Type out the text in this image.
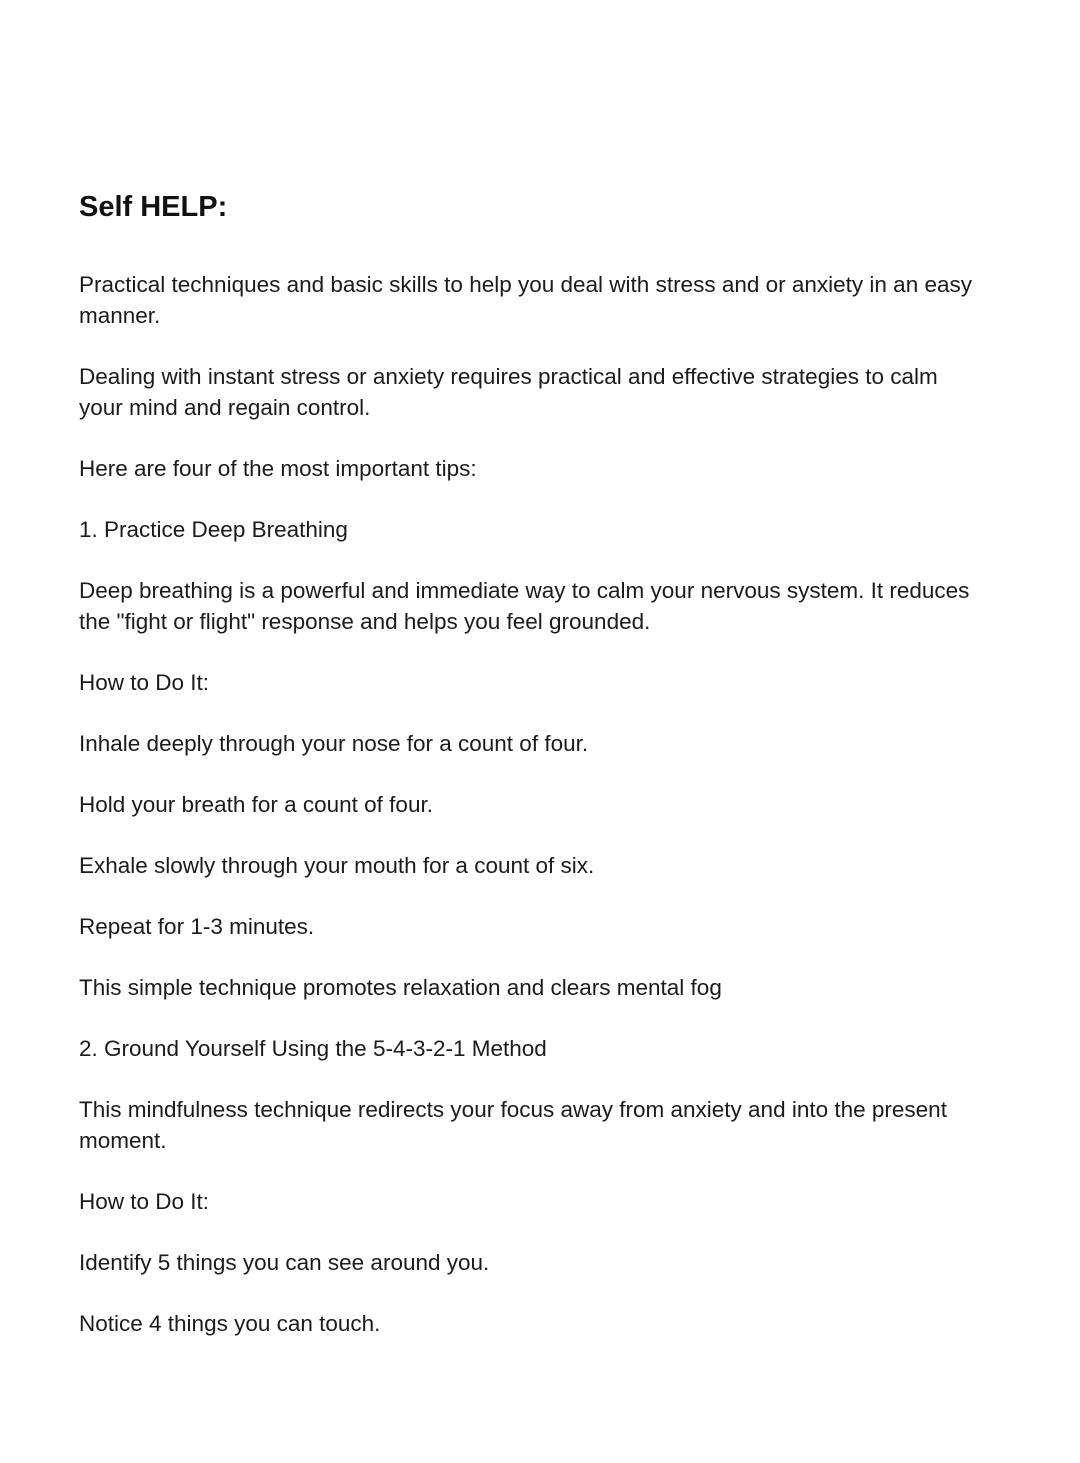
Self HELP:

Practical techniques and basic skills to help you deal with stress and or anxiety in an easy manner.

Dealing with instant stress or anxiety requires practical and effective strategies to calm your mind and regain control.

Here are four of the most important tips:

1. Practice Deep Breathing

Deep breathing is a powerful and immediate way to calm your nervous system. It reduces the "fight or flight" response and helps you feel grounded.

How to Do It:

Inhale deeply through your nose for a count of four.

Hold your breath for a count of four.

Exhale slowly through your mouth for a count of six.

Repeat for 1-3 minutes.

This simple technique promotes relaxation and clears mental fog

2. Ground Yourself Using the 5-4-3-2-1 Method

This mindfulness technique redirects your focus away from anxiety and into the present moment.

How to Do It:

Identify 5 things you can see around you.

Notice 4 things you can touch.
